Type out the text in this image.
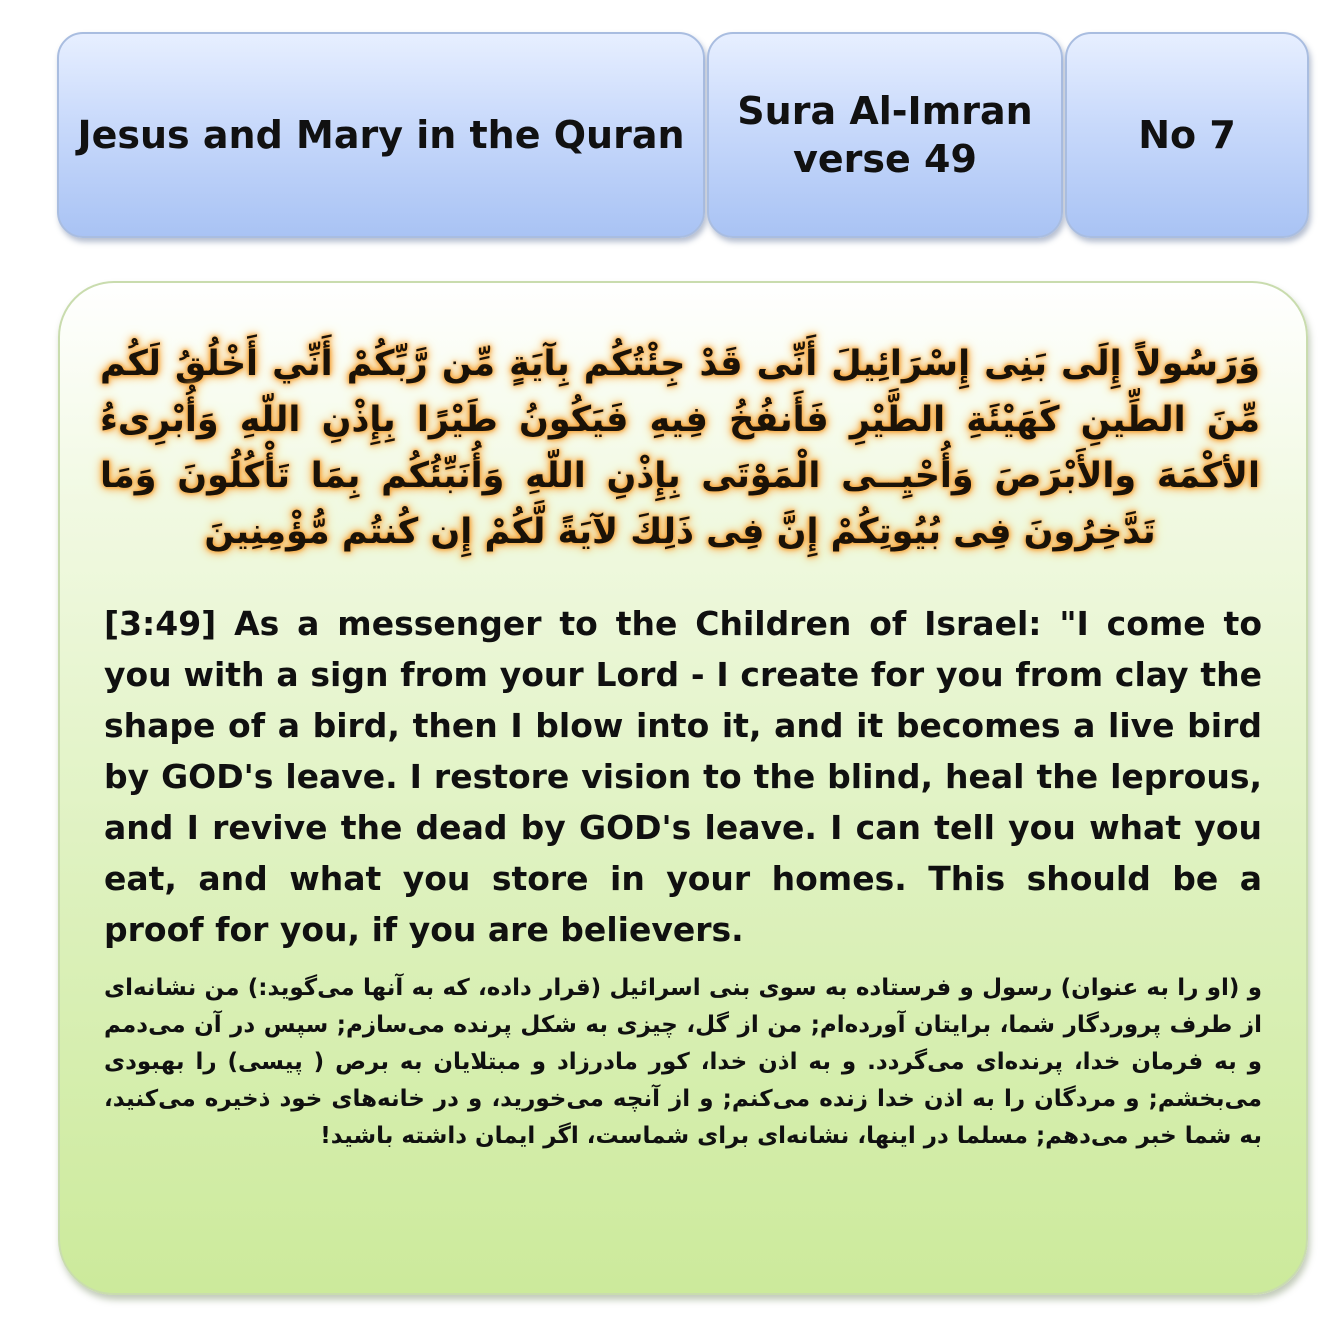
Jesus and Mary in the Quran
Sura Al-Imran
verse 49
No 7
وَرَسُولاً إِلَى بَنِى إِسْرَائِيلَ أَنِّى قَدْ جِئْتُكُم بِآيَةٍ مِّن رَّبِّكُمْ أَنِّي أَخْلُقُ لَكُم مِّنَ الطِّينِ كَهَيْئَةِ الطَّيْرِ فَأَنفُخُ فِيهِ فَيَكُونُ طَيْرًا بِإِذْنِ اللّهِ وَأُبْرِىءُ الأكْمَهَ والأَبْرَصَ وَأُحْيِــى الْمَوْتَى بِإِذْنِ اللّهِ وَأُنَبِّئُكُم بِمَا تَأْكُلُونَ وَمَا تَدَّخِرُونَ فِى بُيُوتِكُمْ إِنَّ فِى ذَلِكَ لآيَةً لَّكُمْ إِن كُنتُم مُّؤْمِنِينَ

[3:49] As a messenger to the Children of Israel: "I come to you with a sign from your Lord - I create for you from clay the shape of a bird, then I blow into it, and it becomes a live bird by GOD's leave. I restore vision to the blind, heal the leprous, and I revive the dead by GOD's leave. I can tell you what you eat, and what you store in your homes. This should be a proof for you, if you are believers.

و (او را به عنوان) رسول و فرستاده به سوی بنی اسرائیل (قرار داده، که به آنها می‌گوید:) من نشانه‌ای از طرف پروردگار شما، برایتان آورده‌ام; من از گل، چیزی به شکل پرنده می‌سازم; سپس در آن می‌دمم و به فرمان خدا، پرنده‌ای می‌گردد. و به اذن خدا، کور مادرزاد و مبتلایان به برص ( پیسی) را بهبودی می‌بخشم; و مردگان را به اذن خدا زنده می‌کنم; و از آنچه می‌خورید، و در خانه‌های خود ذخیره می‌کنید، به شما خبر می‌دهم; مسلما در اینها، نشانه‌ای برای شماست، اگر ایمان داشته باشید!
